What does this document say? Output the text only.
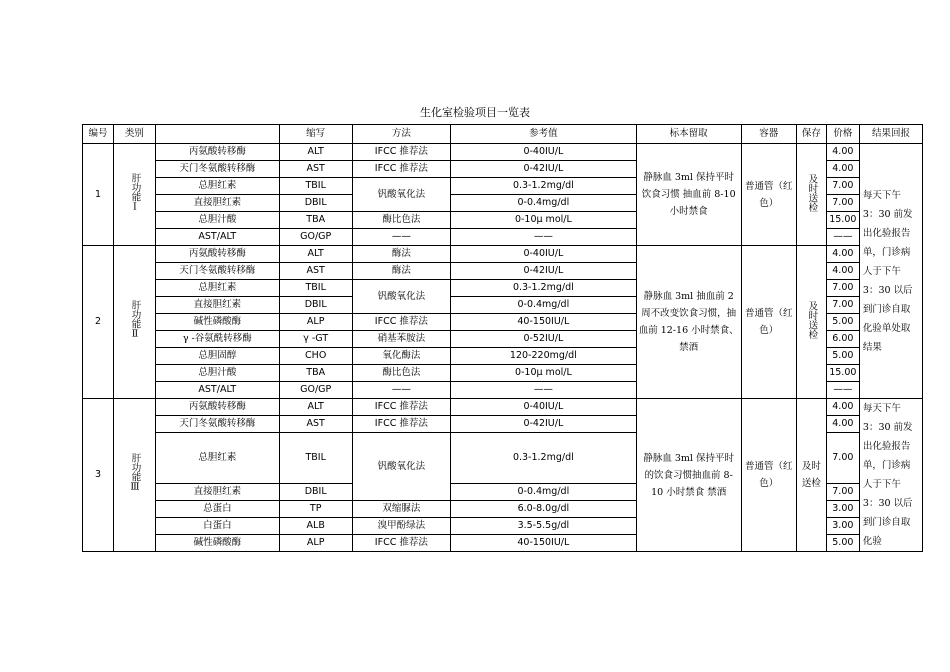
生化室检验项目一览表
编号	类别		缩写	方法	参考值	标本留取	容器	保存	价格	结果回报
1	肝功能Ⅰ	丙氨酸转移酶	ALT	IFCC 推荐法	0-40IU/L	静脉血 3ml 保持平时饮食习惯 抽血前 8-10 小时禁食	普通管（红色）	及时送检	4.00	每天下午 3：30 前发出化验报告单，门诊病人于下午 3：30 以后到门诊自取化验单处取结果
		天门冬氨酸转移酶	AST	IFCC 推荐法	0-42IU/L				4.00	
		总胆红素	TBIL	钒酸氧化法	0.3-1.2mg/dl				7.00	
		直接胆红素	DBIL		0-0.4mg/dl				7.00	
		总胆汁酸	TBA	酶比色法	0-10μ mol/L				15.00	
		AST/ALT	GO/GP	——	——				——	
2	肝功能Ⅱ	丙氨酸转移酶	ALT	酶法	0-40IU/L	静脉血 3ml 抽血前 2 周不改变饮食习惯，抽血前 12-16 小时禁食、禁酒	普通管（红色）	及时送检	4.00	
		天门冬氨酸转移酶	AST	酶法	0-42IU/L				4.00	
		总胆红素	TBIL	钒酸氧化法	0.3-1.2mg/dl				7.00	
		直接胆红素	DBIL		0-0.4mg/dl				7.00	
		碱性磷酸酶	ALP	IFCC 推荐法	40-150IU/L				5.00	
		γ -谷氨酰转移酶	γ -GT	硝基苯胺法	0-52IU/L				6.00	
		总胆固醇	CHO	氧化酶法	120-220mg/dl				5.00	
		总胆汁酸	TBA	酶比色法	0-10μ mol/L				15.00	
		AST/ALT	GO/GP	——	——				——	
3	肝功能Ⅲ	丙氨酸转移酶	ALT	IFCC 推荐法	0-40IU/L	静脉血 3ml 保持平时的饮食习惯抽血前 8-10 小时禁食 禁酒	普通管（红色）	及时送检	4.00	每天下午 3：30 前发出化验报告单，门诊病人于下午 3：30 以后到门诊自取化验
		天门冬氨酸转移酶	AST	IFCC 推荐法	0-42IU/L				4.00	
		总胆红素	TBIL	钒酸氧化法	0.3-1.2mg/dl				7.00	
		直接胆红素	DBIL		0-0.4mg/dl				7.00	
		总蛋白	TP	双缩脲法	6.0-8.0g/dl				3.00	
		白蛋白	ALB	溴甲酚绿法	3.5-5.5g/dl				3.00	
		碱性磷酸酶	ALP	IFCC 推荐法	40-150IU/L				5.00	
